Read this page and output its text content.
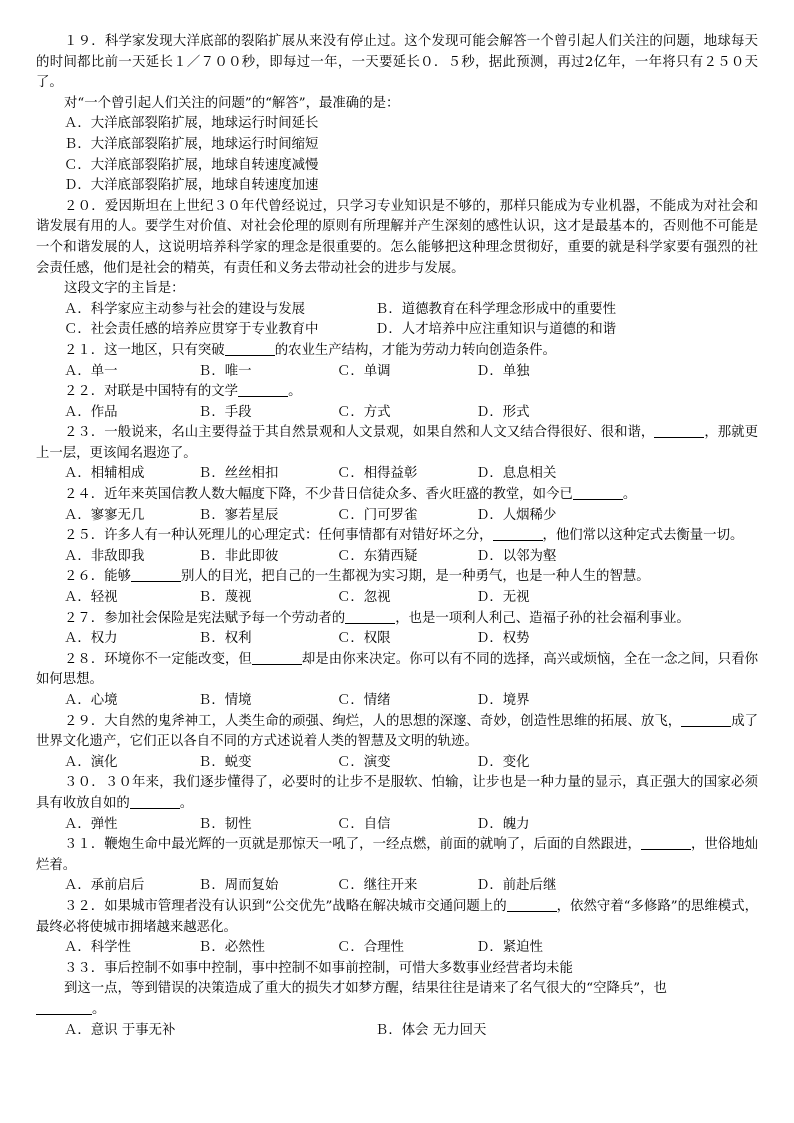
１９．科学家发现大洋底部的裂陷扩展从来没有停止过。这个发现可能会解答一个曾引起人们关注的问题，地球每天的时间都比前一天延长１／７００秒，即每过一年，一天要延长０．５秒，据此预测，再过2亿年，一年将只有２５０天了。

对“一个曾引起人们关注的问题”的“解答”，最准确的是：

Ａ．大洋底部裂陷扩展，地球运行时间延长
Ｂ．大洋底部裂陷扩展，地球运行时间缩短
Ｃ．大洋底部裂陷扩展，地球自转速度减慢
Ｄ．大洋底部裂陷扩展，地球自转速度加速

２０．爱因斯坦在上世纪３０年代曾经说过，只学习专业知识是不够的，那样只能成为专业机器，不能成为对社会和谐发展有用的人。要学生对价值、对社会伦理的原则有所理解并产生深刻的感性认识，这才是最基本的，否则他不可能是一个和谐发展的人，这说明培养科学家的理念是很重要的。怎么能够把这种理念贯彻好，重要的就是科学家要有强烈的社会责任感，他们是社会的精英，有责任和义务去带动社会的进步与发展。

这段文字的主旨是：

Ａ．科学家应主动参与社会的建设与发展	Ｂ．道德教育在科学理念形成中的重要性
Ｃ．社会责任感的培养应贯穿于专业教育中	Ｄ．人才培养中应注重知识与道德的和谐

２１．这一地区，只有突破	的农业生产结构，才能为劳动力转向创造条件。

Ａ．单一	Ｂ．唯一	Ｃ．单调	Ｄ．单独

２２．对联是中国特有的文学	。

Ａ．作品	Ｂ．手段	Ｃ．方式	Ｄ．形式

２３．一般说来，名山主要得益于其自然景观和人文景观，如果自然和人文又结合得很好、很和谐，	，那就更上一层，更该闻名遐迩了。

Ａ．相辅相成	Ｂ．丝丝相扣	Ｃ．相得益彰	Ｄ．息息相关

２４．近年来英国信教人数大幅度下降，不少昔日信徒众多、香火旺盛的教堂，如今已	。

Ａ．寥寥无几	Ｂ．寥若星辰	Ｃ．门可罗雀	Ｄ．人烟稀少

２５．许多人有一种认死理儿的心理定式：任何事情都有对错好坏之分，	，他们常以这种定式去衡量一切。

Ａ．非敌即我	Ｂ．非此即彼	Ｃ．东猜西疑	Ｄ．以邻为壑

２６．能够	别人的目光，把自己的一生都视为实习期，是一种勇气，也是一种人生的智慧。

Ａ．轻视	Ｂ．蔑视	Ｃ．忽视	Ｄ．无视

２７．参加社会保险是宪法赋予每一个劳动者的	，也是一项利人利己、造福子孙的社会福利事业。

Ａ．权力	Ｂ．权利	Ｃ．权限	Ｄ．权势

２８．环境你不一定能改变，但	却是由你来决定。你可以有不同的选择，高兴或烦恼，全在一念之间，只看你如何思想。

Ａ．心境	Ｂ．情境	Ｃ．情绪	Ｄ．境界

２９．大自然的鬼斧神工，人类生命的顽强、绚烂，人的思想的深邃、奇妙，创造性思维的拓展、放飞，	成了世界文化遗产，它们正以各自不同的方式述说着人类的智慧及文明的轨迹。

Ａ．演化	Ｂ．蜕变	Ｃ．演变	Ｄ．变化

３０．３０年来，我们逐步懂得了，必要时的让步不是服软、怕输，让步也是一种力量的显示，真正强大的国家必须具有收放自如的	。

Ａ．弹性	Ｂ．韧性	Ｃ．自信	Ｄ．魄力

３１．鞭炮生命中最光辉的一页就是那惊天一吼了，一经点燃，前面的就响了，后面的自然跟进，	，世俗地灿烂着。

Ａ．承前启后	Ｂ．周而复始	Ｃ．继往开来	Ｄ．前赴后继

３２．如果城市管理者没有认识到“公交优先”战略在解决城市交通问题上的	，依然守着“多修路”的思维模式，最终必将使城市拥堵越来越恶化。

Ａ．科学性	Ｂ．必然性	Ｃ．合理性	Ｄ．紧迫性

３３．事后控制不如事中控制，事中控制不如事前控制，可惜大多数事业经营者均未能

到这一点，等到错误的决策造成了重大的损失才如梦方醒，结果往往是请来了名气很大的“空降兵”，也

。

Ａ．意识 于事无补	Ｂ．体会 无力回天
